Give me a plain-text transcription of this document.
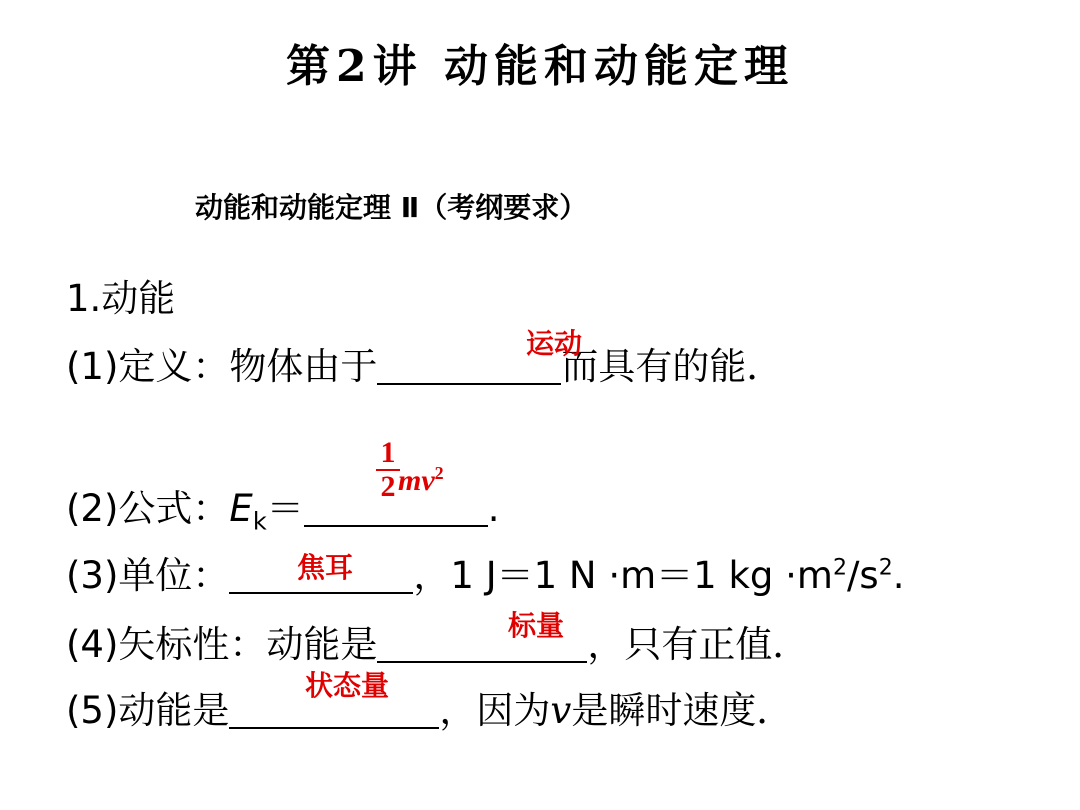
第2讲 动能和动能定理
动能和动能定理 Ⅱ（考纲要求）
1.动能
(1)定义：物体由于	而具有的能．
运动
(2)公式：$E_k=$	.
1
2 $mv^2$
(3)单位：	，1 J＝1 N ·m＝1 kg $\cdot m^2/s^2$.
焦耳
(4)矢标性：动能是	，只有正值．
标量
(5)动能是	，因为v是瞬时速度．
状态量
